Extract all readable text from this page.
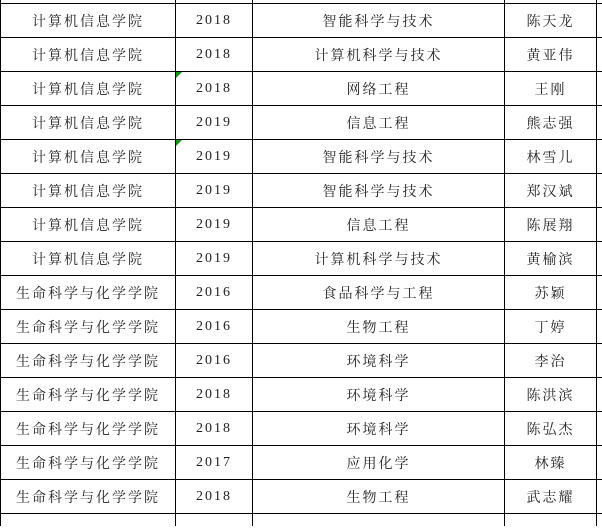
计算机信息学院	2018	智能科学与技术	陈天龙	
计算机信息学院	2018	计算机科学与技术	黄亚伟	
计算机信息学院	2018	网络工程	王刚	
计算机信息学院	2019	信息工程	熊志强	
计算机信息学院	2019	智能科学与技术	林雪儿	
计算机信息学院	2019	智能科学与技术	郑汉斌	
计算机信息学院	2019	信息工程	陈展翔	
计算机信息学院	2019	计算机科学与技术	黄榆滨	
生命科学与化学学院	2016	食品科学与工程	苏颖	
生命科学与化学学院	2016	生物工程	丁婷	
生命科学与化学学院	2016	环境科学	李治	
生命科学与化学学院	2018	环境科学	陈洪滨	
生命科学与化学学院	2018	环境科学	陈弘杰	
生命科学与化学学院	2017	应用化学	林臻	
生命科学与化学学院	2018	生物工程	武志耀	
